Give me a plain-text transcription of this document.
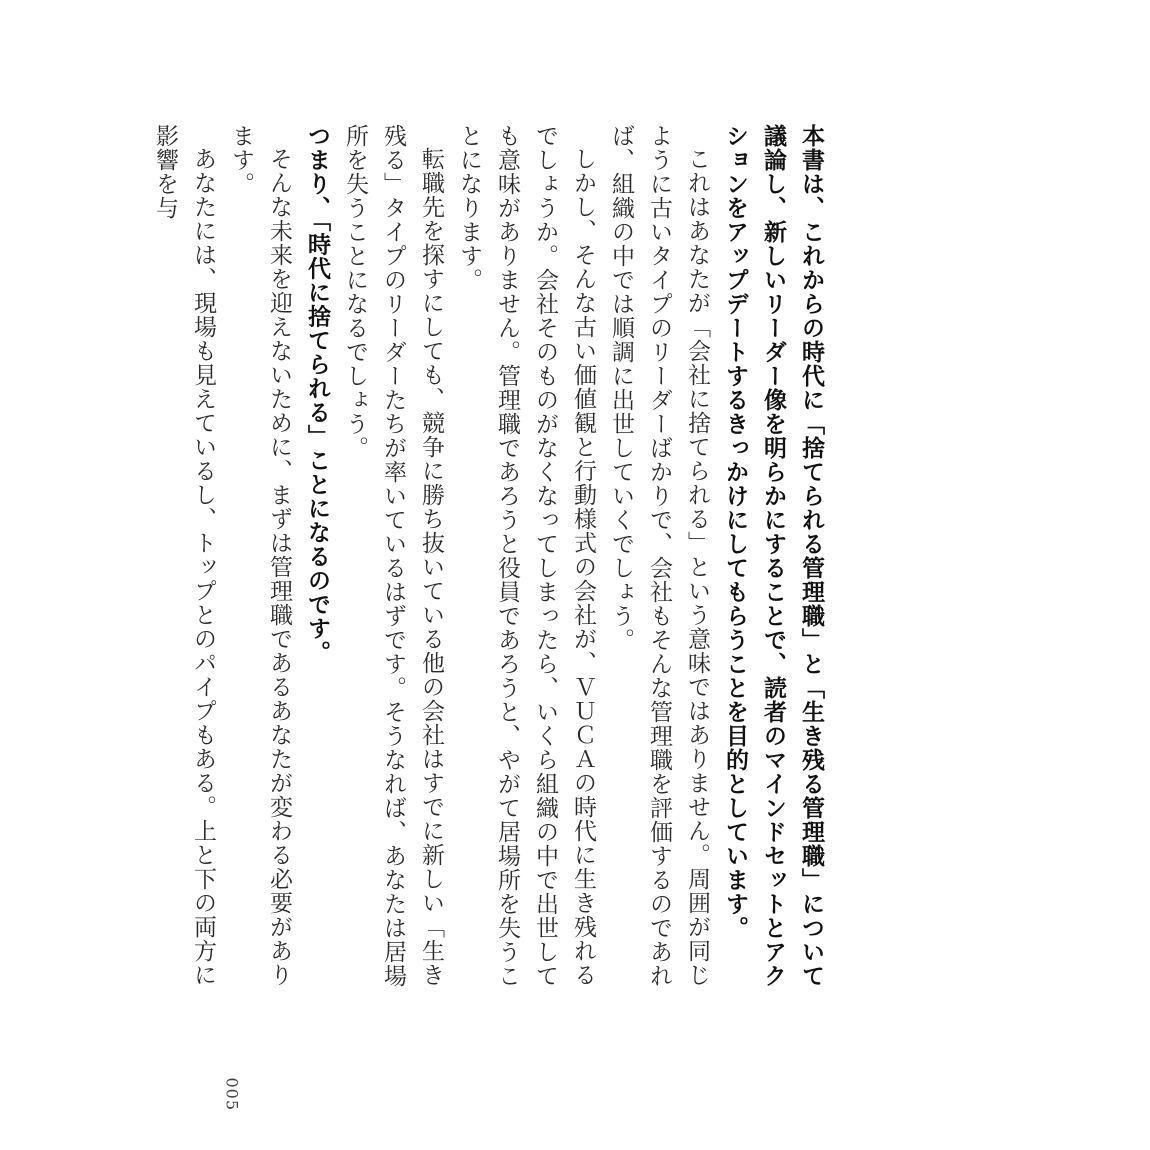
本書は、これからの時代に「捨てられる管理職」と「生き残る管理職」について議論し、新しいリーダー像を明らかにすることで、読者のマインドセットとアクションをアップデートするきっかけにしてもらうことを目的としています。

これはあなたが「会社に捨てられる」という意味ではありません。周囲が同じように古いタイプのリーダーばかりで、会社もそんな管理職を評価するのであれば、組織の中では順調に出世していくでしょう。

しかし、そんな古い価値観と行動様式の会社が、ＶＵＣＡの時代に生き残れるでしょうか。会社そのものがなくなってしまったら、いくら組織の中で出世しても意味がありません。管理職であろうと役員であろうと、やがて居場所を失うことになります。

転職先を探すにしても、競争に勝ち抜いている他の会社はすでに新しい「生き残る」タイプのリーダーたちが率いているはずです。そうなれば、あなたは居場所を失うことになるでしょう。

つまり、「時代に捨てられる」ことになるのです。

そんな未来を迎えないために、まずは管理職であるあなたが変わる必要があります。

あなたには、現場も見えているし、トップとのパイプもある。上と下の両方に影響を与

005
